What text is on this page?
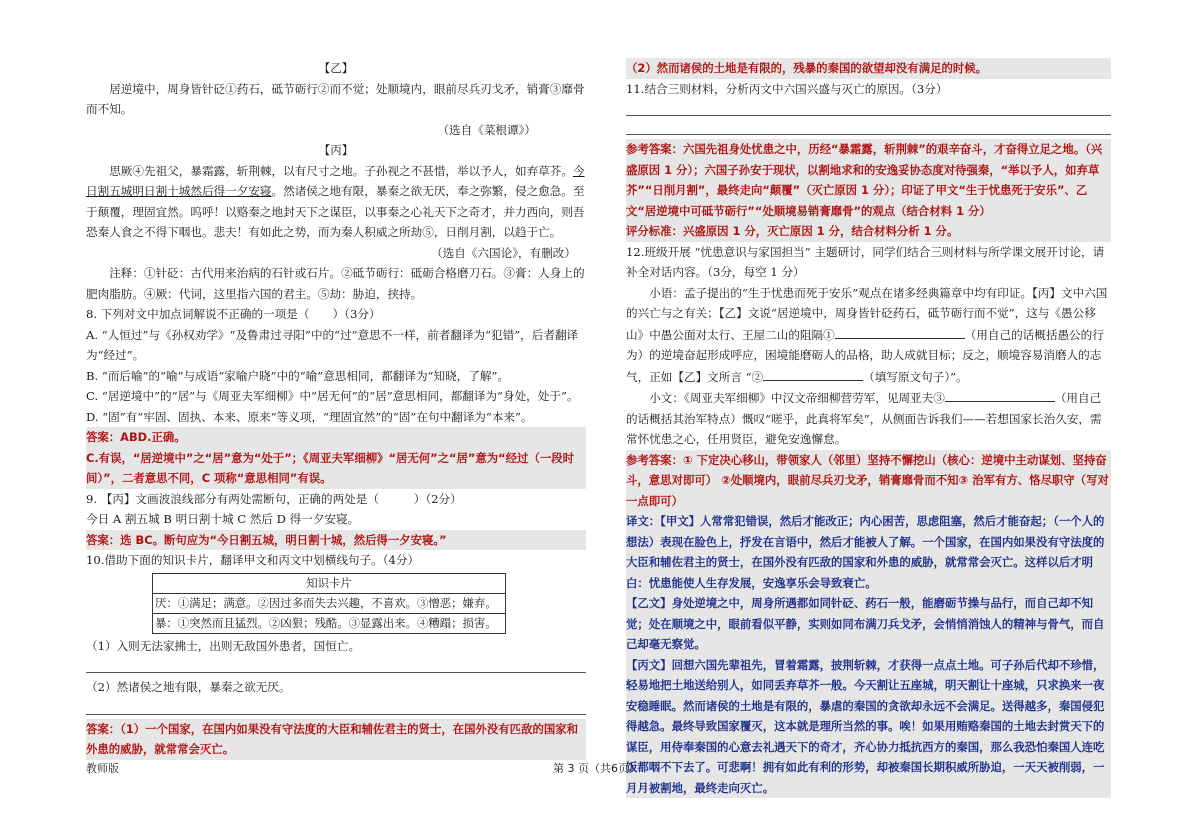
【乙】

居逆境中，周身皆针砭①药石，砥节砺行②而不觉；处顺境内，眼前尽兵刃戈矛，销膏③靡骨而不知。

（选自《菜根谭》）

【丙】

思厥④先祖父，暴霜露，斩荆棘，以有尺寸之地。子孙视之不甚惜，举以予人，如弃草芥。今日割五城明日割十城然后得一夕安寝。然诸侯之地有限，暴秦之欲无厌，奉之弥繁，侵之愈急。至于颠覆，理固宜然。呜呼！以赂秦之地封天下之谋臣，以事秦之心礼天下之奇才，并力西向，则吾恐秦人食之不得下咽也。悲夫！有如此之势，而为秦人积威之所劫⑤，日削月割，以趋于亡。

（选自《六国论》，有删改）

注释：①针砭：古代用来治病的石针或石片。②砥节砺行：砥砺合格磨刀石。③膏：人身上的肥肉脂肪。④厥：代词，这里指六国的君主。⑤劫：胁迫，挟持。

8. 下列对文中加点词解说不正确的一项是（　　）（3分）

A. “人恒过”与《孙权劝学》“及鲁肃过寻阳”中的“过”意思不一样，前者翻译为“犯错”，后者翻译为“经过”。

B. “而后喻”的“喻”与成语“家喻户晓”中的“喻”意思相同，都翻译为“知晓，了解”。

C. “居逆境中”的“居”与《周亚夫军细柳》中“居无何”的“居”意思相同，都翻译为“身处，处于”。

D. “固”有“牢固、固执、本来、原来”等义项，“理固宜然”的“固”在句中翻译为“本来”。

答案：ABD.正确。

C.有误，“居逆境中”之“居”意为“处于”；《周亚夫军细柳》“居无何”之“居”意为“经过（一段时间）”，二者意思不同，C 项称“意思相同”有误。

9. 【丙】文画波浪线部分有两处需断句，正确的两处是（　　　）（2分）

今日 A 割五城 B 明日割十城 C 然后 D 得一夕安寝。

答案：选 BC。断句应为“今日割五城，明日割十城，然后得一夕安寝。”

10.借助下面的知识卡片，翻译甲文和丙文中划横线句子。（4分）

知识卡片
厌：①满足；满意。②因过多而失去兴趣，不喜欢。③憎恶；嫌弃。
暴：①突然而且猛烈。②凶狠；残酷。③显露出来。④糟蹋；损害。

（1）入则无法家拂士，出则无敌国外患者，国恒亡。

（2）然诸侯之地有限，暴秦之欲无厌。

答案：（1）一个国家，在国内如果没有守法度的大臣和辅佐君主的贤士，在国外没有匹敌的国家和外患的威胁，就常常会灭亡。

（2）然而诸侯的土地是有限的，残暴的秦国的欲望却没有满足的时候。

11.结合三则材料，分析丙文中六国兴盛与灭亡的原因。（3分）

参考答案：六国先祖身处忧患之中，历经“暴霜露，斩荆棘”的艰辛奋斗，才奋得立足之地。（兴盛原因 1 分）；六国子孙安于现状，以割地求和的安逸妥协态度对待强秦，“举以予人，如弃草芥”“日削月割”，最终走向“颠覆”（灭亡原因 1 分）；印证了甲文“生于忧患死于安乐”、乙文“居逆境中可砥节砺行”“处顺境易销膏靡骨”的观点（结合材料 1 分）

评分标准：兴盛原因 1 分，灭亡原因 1 分，结合材料分析 1 分。

12.班级开展 “忧患意识与家国担当” 主题研讨，同学们结合三则材料与所学课文展开讨论，请补全对话内容。（3分，每空 1 分）

小语：孟子提出的“生于忧患而死于安乐”观点在诸多经典篇章中均有印证。【丙】文中六国的兴亡与之有关；【乙】文说“居逆境中，周身皆针砭药石，砥节砺行而不觉”，这与《愚公移山》中愚公面对太行、王屋二山的阻隔①	（用自己的话概括愚公的行为）的逆境奋起形成呼应，困境能磨砺人的品格，助人成就目标；反之，顺境容易消磨人的志气，正如【乙】文所言 “②	（填写原文句子）”。

小文：《周亚夫军细柳》中汉文帝细柳营劳军，见周亚夫③	（用自己的话概括其治军特点）慨叹“嗟乎，此真将军矣”，从侧面告诉我们——若想国家长治久安，需常怀忧患之心，任用贤臣，避免安逸懈怠。

参考答案：① 下定决心移山，带领家人（邻里）坚持不懈挖山（核心：逆境中主动谋划、坚持奋斗，意思对即可） ②处顺境内，眼前尽兵刃戈矛，销膏靡骨而不知③ 治军有方、恪尽职守（写对一点即可）

译文：【甲文】人常常犯错误，然后才能改正；内心困苦，思虑阻塞，然后才能奋起；（一个人的想法）表现在脸色上，抒发在言语中，然后才能被人了解。一个国家，在国内如果没有守法度的大臣和辅佐君主的贤士，在国外没有匹敌的国家和外患的威胁，就常常会灭亡。这样以后才明白：忧患能使人生存发展，安逸享乐会导致衰亡。

【乙文】身处逆境之中，周身所遇都如同针砭、药石一般，能磨砺节操与品行，而自己却不知觉；处在顺境之中，眼前看似平静，实则如同布满刀兵戈矛，会悄悄消蚀人的精神与骨气，而自己却毫无察觉。

【丙文】回想六国先辈祖先，冒着霜露，披荆斩棘，才获得一点点土地。可子孙后代却不珍惜，轻易地把土地送给别人，如同丢弃草芥一般。今天割让五座城，明天割让十座城，只求换来一夜安稳睡眠。然而诸侯的土地是有限的，暴虐的秦国的贪欲却永远不会满足。送得越多，秦国侵犯得越急。最终导致国家覆灭，这本就是理所当然的事。唉！如果用贿赂秦国的土地去封赏天下的谋臣，用侍奉秦国的心意去礼遇天下的奇才，齐心协力抵抗西方的秦国，那么我恐怕秦国人连吃饭都咽不下去了。可悲啊！拥有如此有利的形势，却被秦国长期积威所胁迫，一天天被削弱，一月月被割地，最终走向灭亡。

教师版	第 3 页（共6页）
